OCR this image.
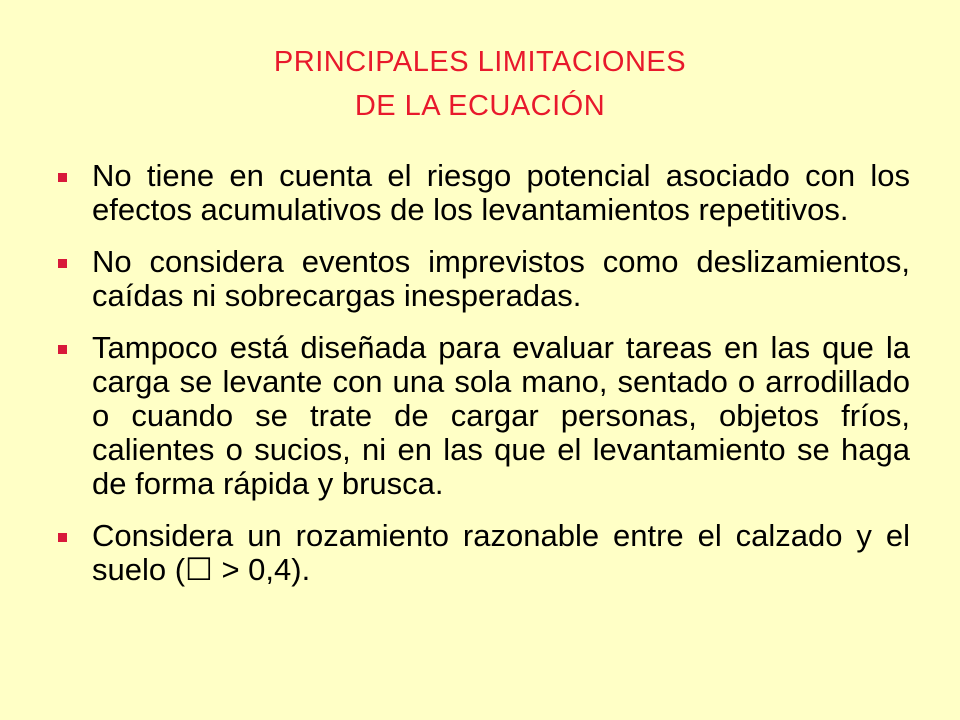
PRINCIPALES LIMITACIONES
DE LA ECUACIÓN
No tiene en cuenta el riesgo potencial asociado con los efectos acumulativos de los levantamientos repetitivos.
No considera eventos imprevistos como deslizamientos, caídas ni sobrecargas inesperadas.
Tampoco está diseñada para evaluar tareas en las que la carga se levante con una sola mano, sentado o arrodillado o cuando se trate de cargar personas, objetos fríos, calientes o sucios, ni en las que el levantamiento se haga de forma rápida y brusca.
Considera un rozamiento razonable entre el calzado y el suelo (☐ > 0,4).
